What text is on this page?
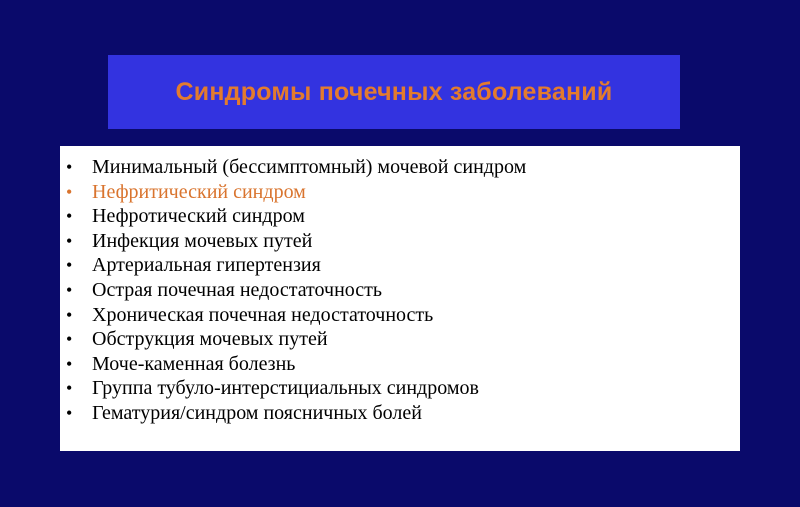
Синдромы почечных заболеваний
• Минимальный (бессимптомный) мочевой синдром
• Нефритический синдром
• Нефротический синдром
• Инфекция мочевых путей
• Артериальная гипертензия
• Острая почечная недостаточность
• Хроническая почечная недостаточность
• Обструкция мочевых путей
• Моче-каменная болезнь
• Группа тубуло-интерстициальных синдромов
• Гематурия/синдром поясничных болей
